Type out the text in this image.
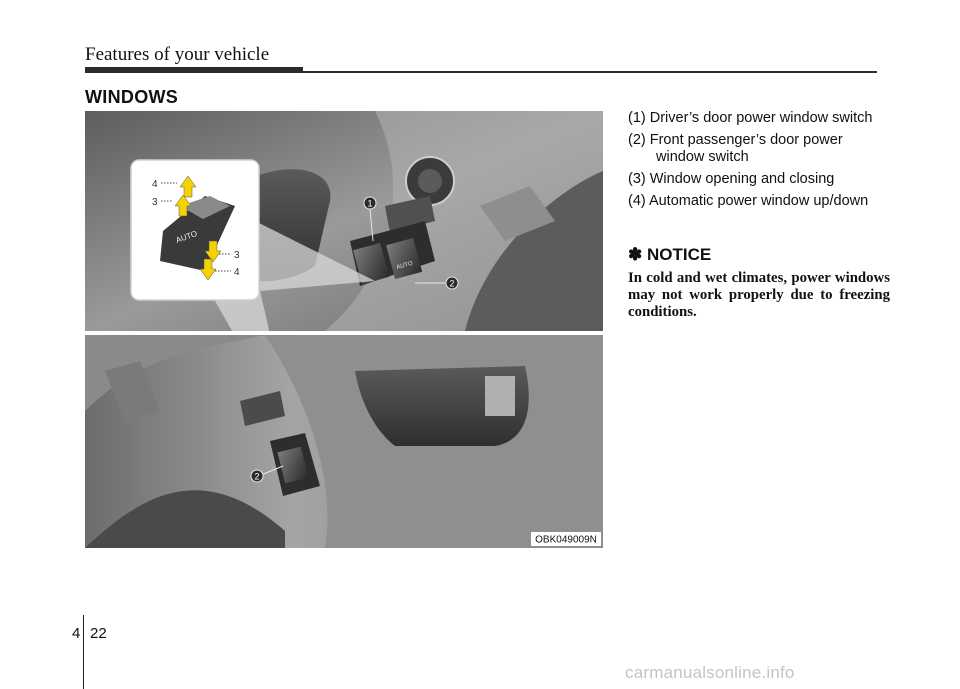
Features of your vehicle
WINDOWS
AUTO
AUTO
4
3
3
4
1
2
2
OBK049009N
(1) Driver’s door power window switch
(2) Front passenger’s door power window switch
(3) Window opening and closing
(4) Automatic power window up/down
✽ NOTICE
In cold and wet climates, power windows may not work properly due to freezing conditions.
4 22
carmanualsonline.info
